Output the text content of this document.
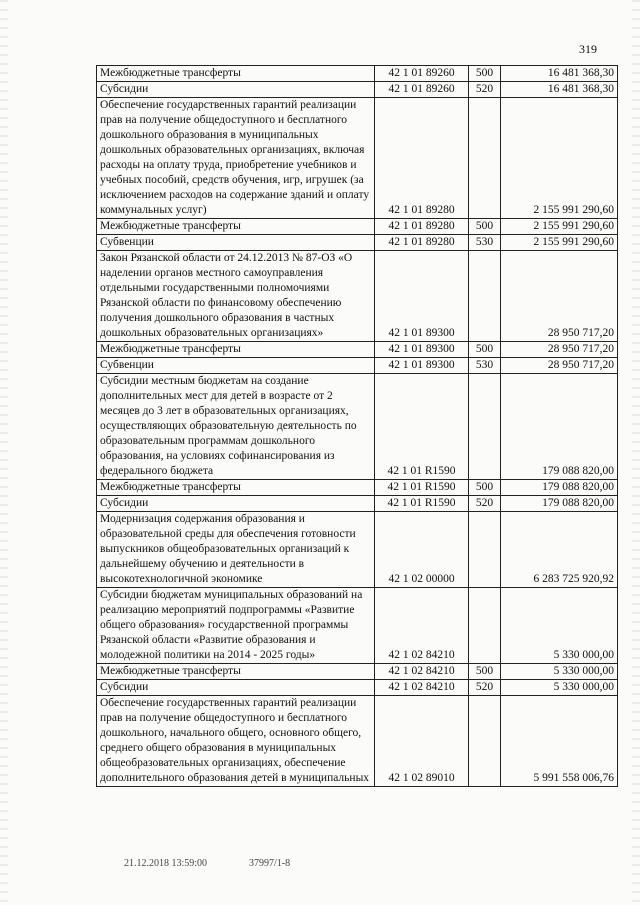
319
Межбюджетные трансферты	42 1 01 89260	500	16 481 368,30
Субсидии	42 1 01 89260	520	16 481 368,30
Обеспечение государственных гарантий реализации прав на получение общедоступного и бесплатного дошкольного образования в муниципальных дошкольных образовательных организациях, включая расходы на оплату труда, приобретение учебников и учебных пособий, средств обучения, игр, игрушек (за исключением расходов на содержание зданий и оплату коммунальных услуг)	42 1 01 89280		2 155 991 290,60
Межбюджетные трансферты	42 1 01 89280	500	2 155 991 290,60
Субвенции	42 1 01 89280	530	2 155 991 290,60
Закон Рязанской области от 24.12.2013 № 87-ОЗ «О наделении органов местного самоуправления отдельными государственными полномочиями Рязанской области по финансовому обеспечению получения дошкольного образования в частных дошкольных образовательных организациях»	42 1 01 89300		28 950 717,20
Межбюджетные трансферты	42 1 01 89300	500	28 950 717,20
Субвенции	42 1 01 89300	530	28 950 717,20
Субсидии местным бюджетам на создание дополнительных мест для детей в возрасте от 2 месяцев до 3 лет в образовательных организациях, осуществляющих образовательную деятельность по образовательным программам дошкольного образования, на условиях софинансирования из федерального бюджета	42 1 01 R1590		179 088 820,00
Межбюджетные трансферты	42 1 01 R1590	500	179 088 820,00
Субсидии	42 1 01 R1590	520	179 088 820,00
Модернизация содержания образования и образовательной среды для обеспечения готовности выпускников общеобразовательных организаций к дальнейшему обучению и деятельности в высокотехнологичной экономике	42 1 02 00000		6 283 725 920,92
Субсидии бюджетам муниципальных образований на реализацию мероприятий подпрограммы «Развитие общего образования» государственной программы Рязанской области «Развитие образования и молодежной политики на 2014 - 2025 годы»	42 1 02 84210		5 330 000,00
Межбюджетные трансферты	42 1 02 84210	500	5 330 000,00
Субсидии	42 1 02 84210	520	5 330 000,00
Обеспечение государственных гарантий реализации прав на получение общедоступного и бесплатного дошкольного, начального общего, основного общего, среднего общего образования в муниципальных общеобразовательных организациях, обеспечение дополнительного образования детей в муниципальных	42 1 02 89010		5 991 558 006,76
21.12.2018 13:59:00	37997/1-8
